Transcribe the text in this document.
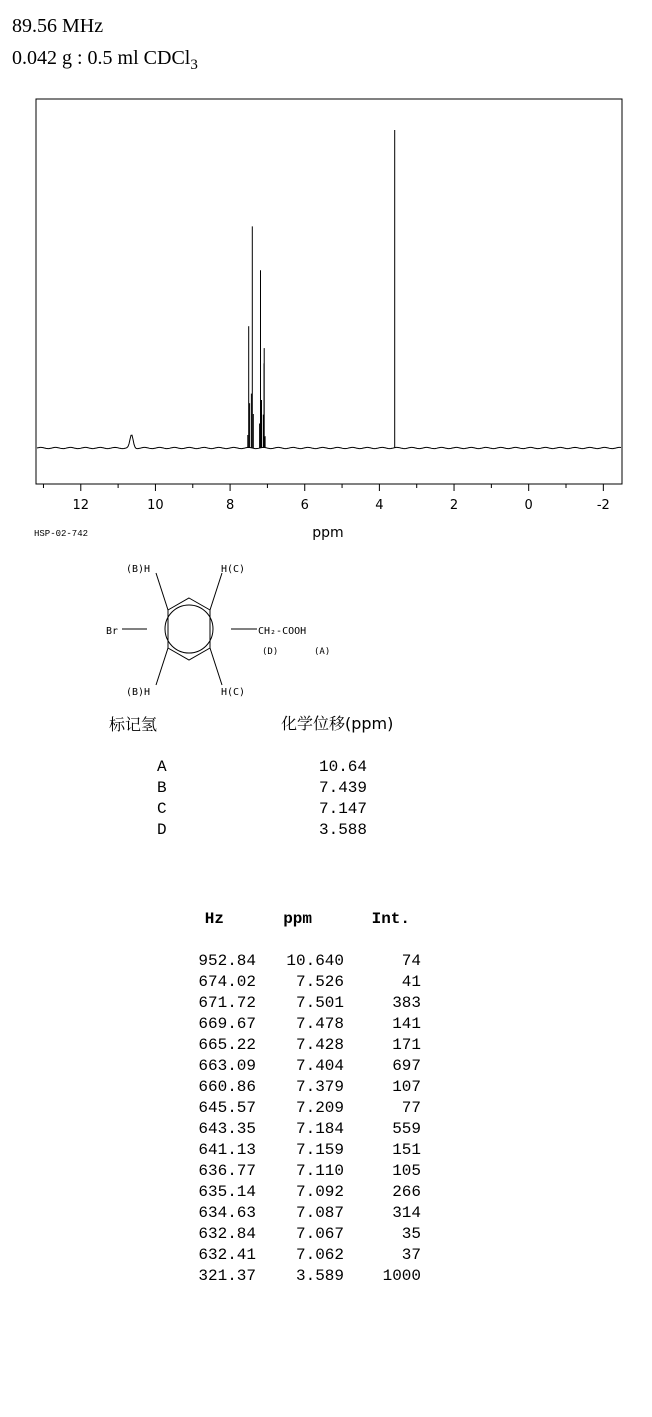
89.56 MHz
0.042 g : 0.5 ml CDCl$_3$
12	10	8	6	4	2	0	-2
ppm
HSP-02-742
(B)H	H(C)
Br	CH₂-COOH
(D)	(A)
(B)H	H(C)
标记氢	化学位移(ppm)
A	10.64
B	7.439
C	7.147
D	3.588
Hz	ppm	Int.
952.84 10.640	74
674.02 7.526	41
671.72 7.501	383
669.67 7.478	141
665.22 7.428	171
663.09 7.404	697
660.86 7.379	107
645.57 7.209	77
643.35 7.184	559
641.13 7.159	151
636.77 7.110	105
635.14 7.092	266
634.63 7.087	314
632.84 7.067	35
632.41 7.062	37
321.37 3.589 1000
